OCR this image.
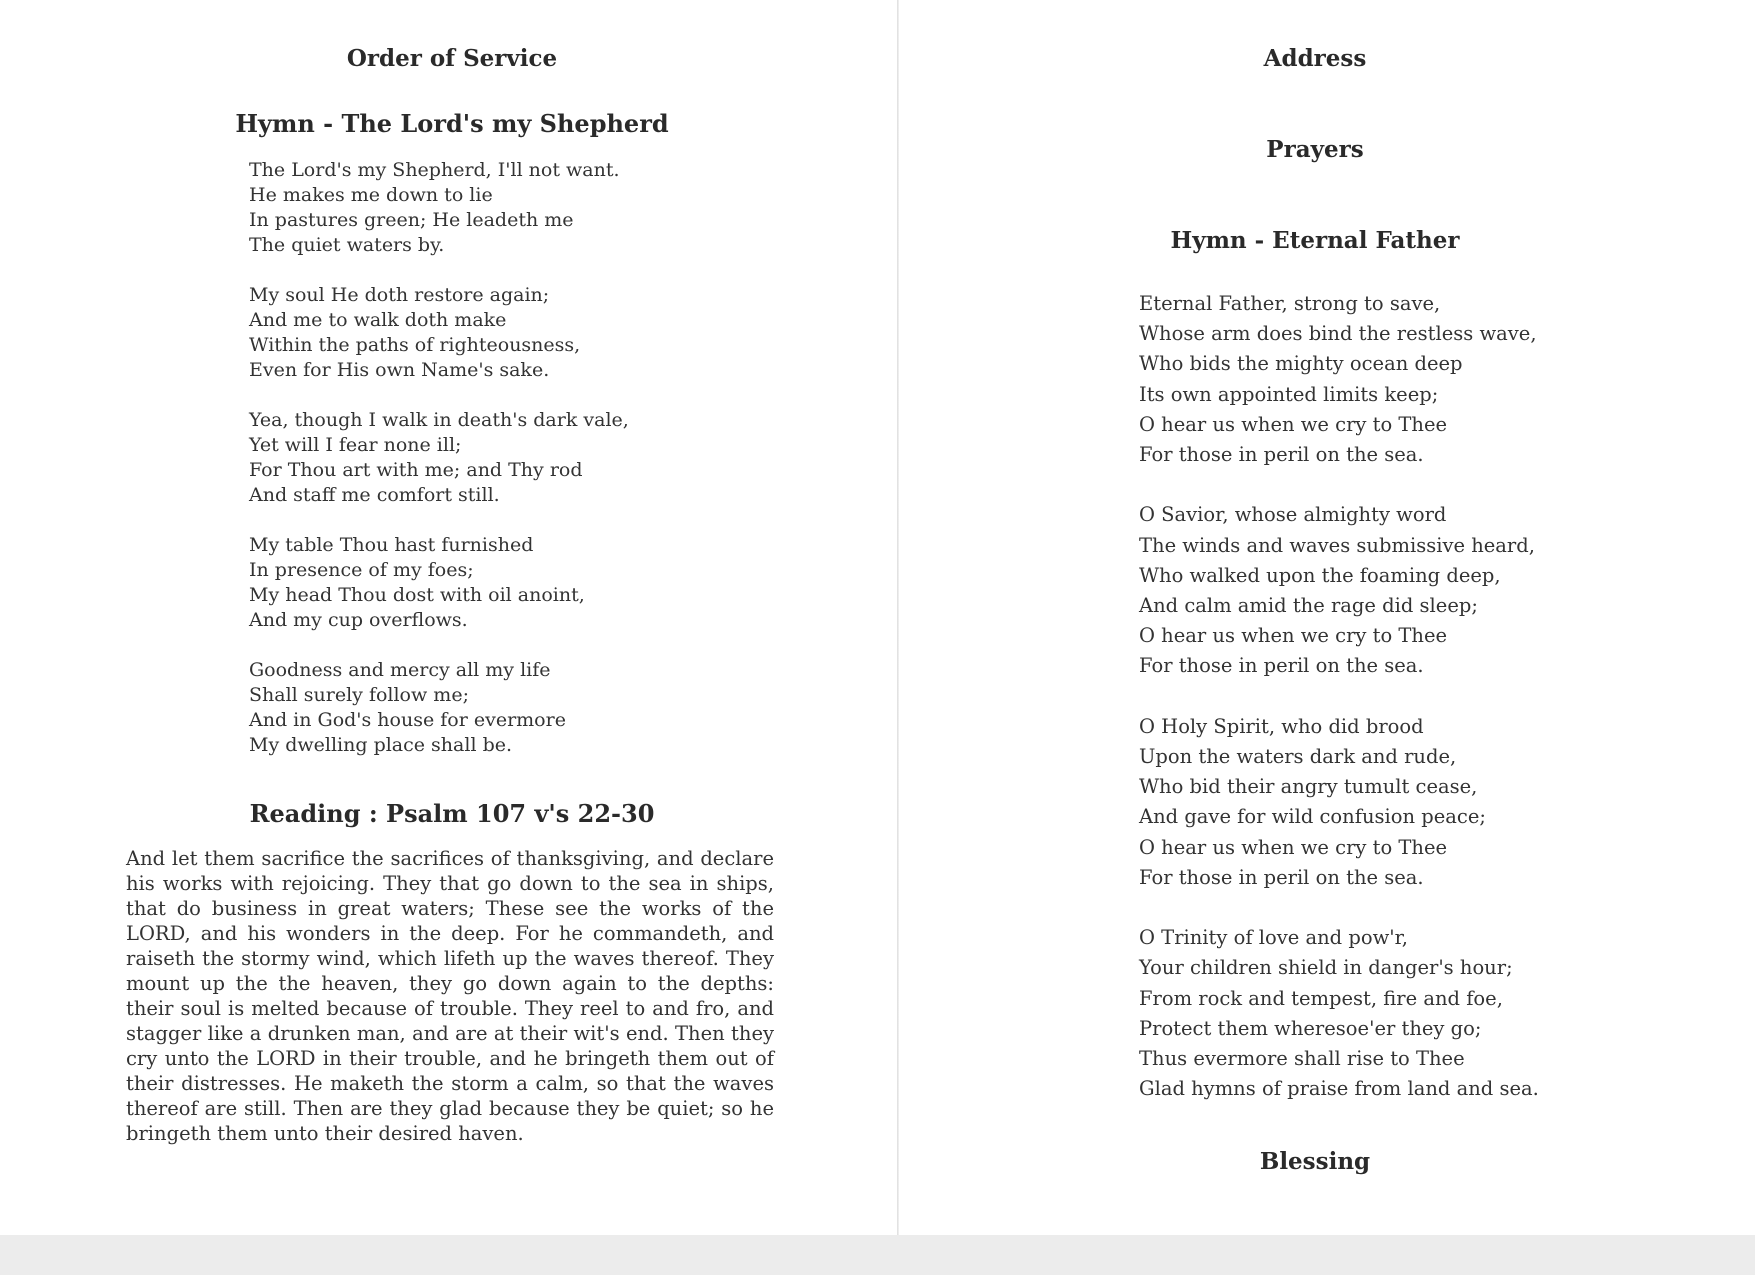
Order of Service
Hymn - The Lord's my Shepherd

The Lord's my Shepherd, I'll not want.
He makes me down to lie
In pastures green; He leadeth me
The quiet waters by.

My soul He doth restore again;
And me to walk doth make
Within the paths of righteousness,
Even for His own Name's sake.

Yea, though I walk in death's dark vale,
Yet will I fear none ill;
For Thou art with me; and Thy rod
And staff me comfort still.

My table Thou hast furnished
In presence of my foes;
My head Thou dost with oil anoint,
And my cup overflows.

Goodness and mercy all my life
Shall surely follow me;
And in God's house for evermore
My dwelling place shall be.

Reading : Psalm 107 v's 22-30

And let them sacrifice the sacrifices of thanksgiving, and declare his works with rejoicing. They that go down to the sea in ships, that do business in great waters; These see the works of the LORD, and his wonders in the deep. For he commandeth, and raiseth the stormy wind, which lifeth up the waves thereof. They mount up the the heaven, they go down again to the depths: their soul is melted because of trouble. They reel to and fro, and stagger like a drunken man, and are at their wit's end. Then they cry unto the LORD in their trouble, and he bringeth them out of their distresses. He maketh the storm a calm, so that the waves thereof are still. Then are they glad because they be quiet; so he bringeth them unto their desired haven.

Address
Prayers
Hymn - Eternal Father

Eternal Father, strong to save,
Whose arm does bind the restless wave,
Who bids the mighty ocean deep
Its own appointed limits keep;
O hear us when we cry to Thee
For those in peril on the sea.

O Savior, whose almighty word
The winds and waves submissive heard,
Who walked upon the foaming deep,
And calm amid the rage did sleep;
O hear us when we cry to Thee
For those in peril on the sea.

O Holy Spirit, who did brood
Upon the waters dark and rude,
Who bid their angry tumult cease,
And gave for wild confusion peace;
O hear us when we cry to Thee
For those in peril on the sea.

O Trinity of love and pow'r,
Your children shield in danger's hour;
From rock and tempest, fire and foe,
Protect them wheresoe'er they go;
Thus evermore shall rise to Thee
Glad hymns of praise from land and sea.

Blessing
